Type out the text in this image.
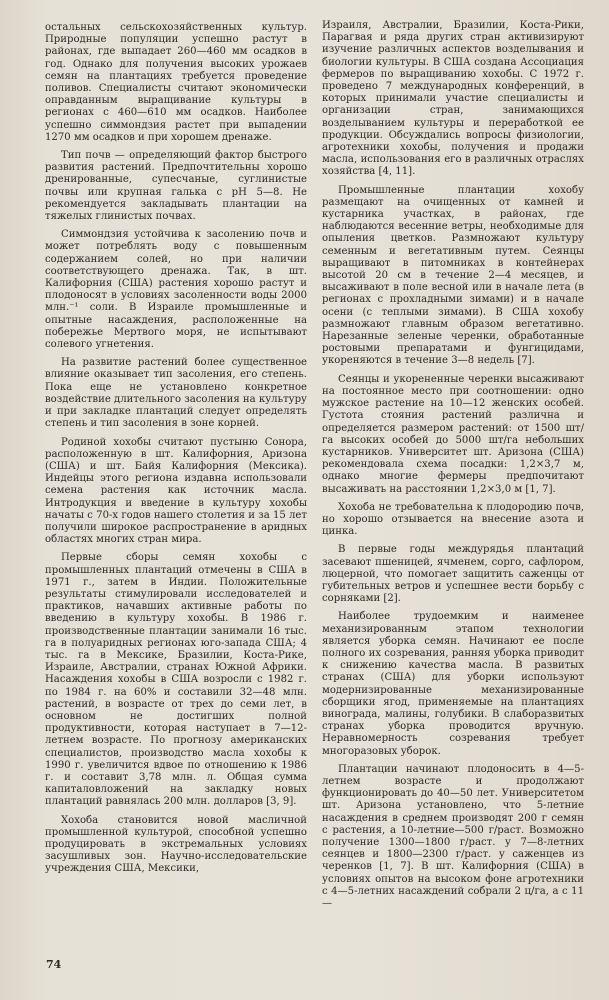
остальных сельскохозяйственных культур. Природные популяции успешно растут в районах, где выпадает 260—460 мм осадков в год. Однако для получения высоких урожаев семян на плантациях требуется проведение поливов. Специалисты считают экономически оправданным выращивание культуры в регионах с 460—610 мм осадков. Наиболее успешно симмондзия растет при выпадении 1270 мм осадков и при хорошем дренаже.

Тип почв — определяющий фактор быстрого развития растений. Предпочтительны хорошо дренированные, супесчаные, суглинистые почвы или крупная галька с pH 5—8. Не рекомендуется закладывать плантации на тяжелых глинистых почвах.

Симмондзия устойчива к засолению почв и может потреблять воду с повышенным содержанием солей, но при наличии соответствующего дренажа. Так, в шт. Калифорния (США) растения хорошо растут и плодоносят в условиях засоленности воды 2000 млн.⁻¹ соли. В Израиле промышленные и опытные насаждения, расположенные на побережье Мертвого моря, не испытывают солевого угнетения.

На развитие растений более существенное влияние оказывает тип засоления, его степень. Пока еще не установлено конкретное воздействие длительного засоления на культуру и при закладке плантаций следует определять степень и тип засоления в зоне корней.

Родиной хохобы считают пустыню Сонора, расположенную в шт. Калифорния, Аризона (США) и шт. Байя Калифорния (Мексика). Индейцы этого региона издавна использовали семена растения как источник масла. Интродукция и введение в культуру хохобы начаты с 70-х годов нашего столетия и за 15 лет получили широкое распространение в аридных областях многих стран мира.

Первые сборы семян хохобы с промышленных плантаций отмечены в США в 1971 г., затем в Индии. Положительные результаты стимулировали исследователей и практиков, начавших активные работы по введению в культуру хохобы. В 1986 г. производственные плантации занимали 16 тыс. га в полуаридных регионах юго-запада США; 4 тыс. га в Мексике, Бразилии, Коста-Рике, Израиле, Австралии, странах Южной Африки. Насаждения хохобы в США возросли с 1982 г. по 1984 г. на 60% и составили 32—48 млн. растений, в возрасте от трех до семи лет, в основном не достигших полной продуктивности, которая наступает в 7—12-летнем возрасте. По прогнозу американских специалистов, производство масла хохобы к 1990 г. увеличится вдвое по отношению к 1986 г. и составит 3,78 млн. л. Общая сумма капиталовложений на закладку новых плантаций равнялась 200 млн. долларов [3, 9].

Хохоба становится новой масличной промышленной культурой, способной успешно продуцировать в экстремальных условиях засушливых зон. Научно-исследовательские учреждения США, Мексики,

Израиля, Австралии, Бразилии, Коста-Рики, Парагвая и ряда других стран активизируют изучение различных аспектов возделывания и биологии культуры. В США создана Ассоциация фермеров по выращиванию хохобы. С 1972 г. проведено 7 международных конференций, в которых принимали участие специалисты и организации стран, занимающихся возделыванием культуры и переработкой ее продукции. Обсуждались вопросы физиологии, агротехники хохобы, получения и продажи масла, использования его в различных отраслях хозяйства [4, 11].

Промышленные плантации хохобу размещают на очищенных от камней и кустарника участках, в районах, где наблюдаются весенние ветры, необходимые для опыления цветков. Размножают культуру семенным и вегетативным путем. Сеянцы выращивают в питомниках в контейнерах высотой 20 см в течение 2—4 месяцев, и высаживают в поле весной или в начале лета (в регионах с прохладными зимами) и в начале осени (с теплыми зимами). В США хохобу размножают главным образом вегетативно. Нарезанные зеленые черенки, обработанные ростовыми препаратами и фунгицидами, укореняются в течение 3—8 недель [7].

Сеянцы и укорененные черенки высаживают на постоянное место при соотношении: одно мужское растение на 10—12 женских особей. Густота стояния растений различна и определяется размером растений: от 1500 шт/га высоких особей до 5000 шт/га небольших кустарников. Университет шт. Аризона (США) рекомендовала схема посадки: 1,2×3,7 м, однако многие фермеры предпочитают высаживать на расстоянии 1,2×3,0 м [1, 7].

Хохоба не требовательна к плодородию почв, но хорошо отзывается на внесение азота и цинка.

В первые годы междурядья плантаций засевают пшеницей, ячменем, сорго, сафлором, люцерной, что помогает защитить саженцы от губительных ветров и успешнее вести борьбу с сорняками [2].

Наиболее трудоемким и наименее механизированным этапом технологии является уборка семян. Начинают ее после полного их созревания, ранняя уборка приводит к снижению качества масла. В развитых странах (США) для уборки используют модернизированные механизированные сборщики ягод, применяемые на плантациях винограда, малины, голубики. В слаборазвитых странах уборка проводится вручную. Неравномерность созревания требует многоразовых уборок.

Плантации начинают плодоносить в 4—5-летнем возрасте и продолжают функционировать до 40—50 лет. Университетом шт. Аризона установлено, что 5-летние насаждения в среднем производят 200 г семян с растения, а 10-летние—500 г/раст. Возможно получение 1300—1800 г/раст. у 7—8-летних сеянцев и 1800—2300 г/раст. у саженцев из черенков [1, 7]. В шт. Калифорния (США) в условиях опытов на высоком фоне агротехники с 4—5-летних насаждений собрали 2 ц/га, а с 11—

74
